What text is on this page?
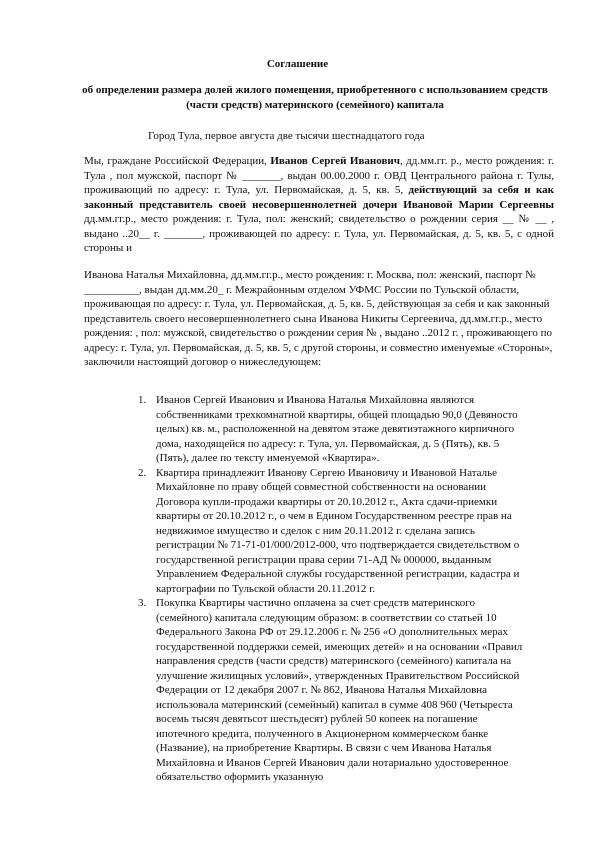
Соглашение
об определении размера долей жилого помещения, приобретенного с использованием средств (части средств) материнского (семейного) капитала
Город Тула, первое августа две тысячи шестнадцатого года
Мы, граждане Российской Федерации, Иванов Сергей Иванович, дд.мм.гг. р., место рождения: г. Тула , пол мужской, паспорт № _______, выдан 00.00.2000 г. ОВД Центрального района г. Тулы, проживающий по адресу: г. Тула, ул. Первомайская, д. 5, кв. 5, действующий за себя и как законный представитель своей несовершеннолетней дочери Ивановой Марии Сергеевны дд.мм.гг.р., место рождения: г. Тула, пол: женский; свидетельство о рождении серия __ № __ , выдано ..20__ г. _______, проживающей по адресу: г. Тула, ул. Первомайская, д. 5, кв. 5, с одной стороны и
Иванова Наталья Михайловна, дд.мм.гг.р., место рождения: г. Москва, пол: женский, паспорт № __________, выдан дд.мм.20_ г. Межрайонным отделом УФМС России по Тульской области, проживающая по адресу: г. Тула, ул. Первомайская, д. 5, кв. 5, действующая за себя и как законный представитель своего несовершеннолетнего сына Иванова Никиты Сергеевича, дд.мм.гг.р., место рождения: , пол: мужской, свидетельство о рождении серия № , выдано ..2012 г. , проживающего по адресу: г. Тула, ул. Первомайская, д. 5, кв. 5, с другой стороны, и совместно именуемые «Стороны», заключили настоящий договор о нижеследующем:
1. Иванов Сергей Иванович и Иванова Наталья Михайловна являются собственниками трехкомнатной квартиры, общей площадью 90,0 (Девяносто целых) кв. м., расположенной на девятом этаже девятиэтажного кирпичного дома, находящейся по адресу: г. Тула, ул. Первомайская, д. 5 (Пять), кв. 5 (Пять), далее по тексту именуемой «Квартира».
2. Квартира принадлежит Иванову Сергею Ивановичу и Ивановой Наталье Михайловне по праву общей совместной собственности на основании Договора купли-продажи квартиры от 20.10.2012 г., Акта сдачи-приемки квартиры от 20.10.2012 г., о чем в Едином Государственном реестре прав на недвижимое имущество и сделок с ним 20.11.2012 г. сделана запись регистрации № 71-71-01/000/2012-000, что подтверждается свидетельством о государственной регистрации права серии 71-АД № 000000, выданным Управлением Федеральной службы государственной регистрации, кадастра и картографии по Тульской области 20.11.2012 г.
3. Покупка Квартиры частично оплачена за счет средств материнского (семейного) капитала следующим образом: в соответствии со статьей 10 Федерального Закона РФ от 29.12.2006 г. № 256 «О дополнительных мерах государственной поддержки семей, имеющих детей» и на основании «Правил направления средств (части средств) материнского (семейного) капитала на улучшение жилищных условий», утвержденных Правительством Российской Федерации от 12 декабря 2007 г. № 862, Иванова Наталья Михайловна использовала материнский (семейный) капитал в сумме 408 960 (Четыреста восемь тысяч девятьсот шестьдесят) рублей 50 копеек на погашение ипотечного кредита, полученного в Акционерном коммерческом банке (Название), на приобретение Квартиры. В связи с чем Иванова Наталья Михайловна и Иванов Сергей Иванович дали нотариально удостоверенное обязательство оформить указанную
